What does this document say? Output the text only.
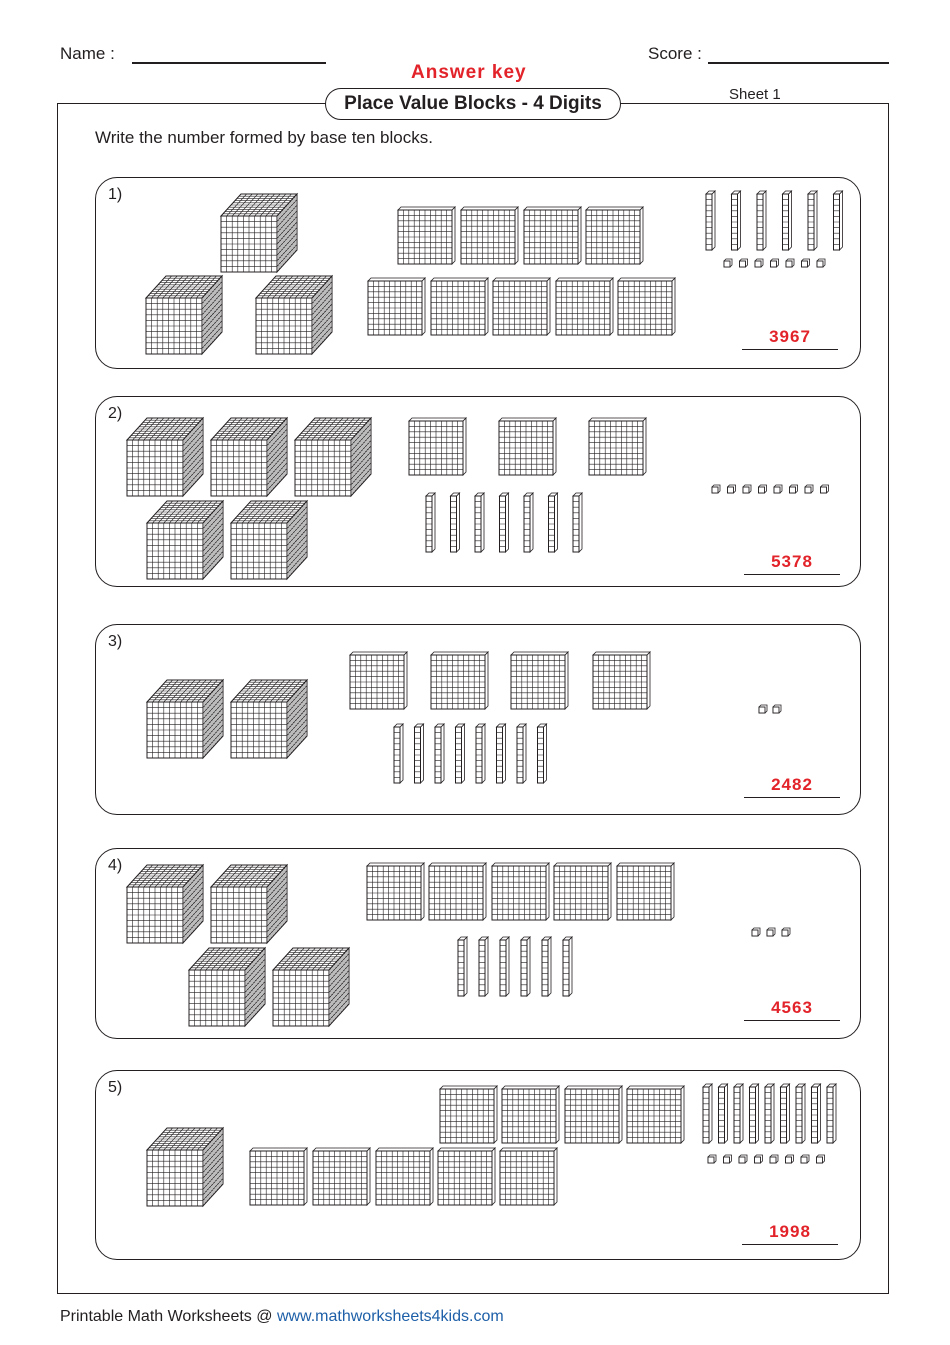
Name :	Score :
Answer key
Sheet 1
Place Value Blocks - 4 Digits
Write the number formed by base ten blocks.
1)
2)
3)
4)
5)
3967
5378
2482
4563
1998
Printable Math Worksheets @ www.mathworksheets4kids.com
